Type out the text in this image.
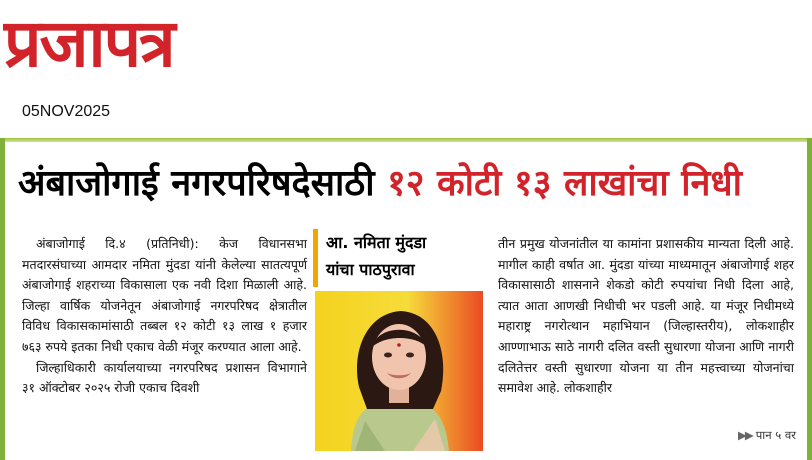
प्रजापत्र
05NOV2025
अंबाजोगाई नगरपरिषदेसाठी १२ कोटी १३ लाखांचा निधी

अंबाजोगाई दि.४ (प्रतिनिधी): केज विधानसभा मतदारसंघाच्या आमदार नमिता मुंदडा यांनी केलेल्या सातत्यपूर्ण अंबाजोगाई शहराच्या विकासाला एक नवी दिशा मिळाली आहे. जिल्हा वार्षिक योजनेतून अंबाजोगाई नगरपरिषद क्षेत्रातील विविध विकासकामांसाठी तब्बल १२ कोटी १३ लाख १ हजार ७६३ रुपये इतका निधी एकाच वेळी मंजूर करण्यात आला आहे.

जिल्हाधिकारी कार्यालयाच्या नगरपरिषद प्रशासन विभागाने ३१ ऑक्टोबर २०२५ रोजी एकाच दिवशी

आ. नमिता मुंदडा

यांचा पाठपुरावा

तीन प्रमुख योजनांतील या कामांना प्रशासकीय मान्यता दिली आहे. मागील काही वर्षात आ. मुंदडा यांच्या माध्यमातून अंबाजोगाई शहर विकासासाठी शासनाने शेकडो कोटी रुपयांचा निधी दिला आहे, त्यात आता आणखी निधीची भर पडली आहे. या मंजूर निधीमध्ये महाराष्ट्र नगरोत्थान महाभियान (जिल्हास्तरीय), लोकशाहीर आण्णाभाऊ साठे नागरी दलित वस्ती सुधारणा योजना आणि नागरी दलितेत्तर वस्ती सुधारणा योजना या तीन महत्त्वाच्या योजनांचा समावेश आहे. लोकशाहीर

▶▶ पान ५ वर
